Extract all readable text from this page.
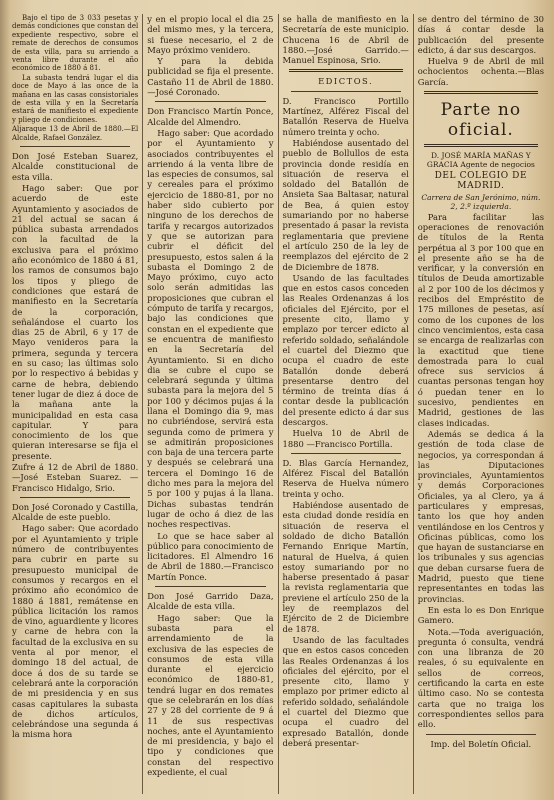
Bajo el tipo de 3 033 pesetas y demás condiciones que constan del expediente respectivo, sobre el remate de derechos de consumos de esta villa, para su arriendo a venta libre durante el año económico de 1880 á 81.

La subasta tendrá lugar el dia doce de Mayo á las once de la mañana en las casas consistoriales de esta villa y en la Secretaría estará de manifiesto el expediente y pliego de condiciones.

Aljaraque 13 de Abril de 1880.—El Alcalde, Rafael González.

Don José Esteban Suarez, Alcalde constitucional de esta villa.

Hago saber: Que por acuerdo de este Ayuntamiento y asociados de 21 del actual se sacan á pública subasta arrendados con la facultad de la exclusiva para el próximo año económico de 1880 á 81, los ramos de consumos bajo los tipos y pliego de condiciones que estará de manifiesto en la Secretaría de la corporación, señalándose el cuarto los dias 25 de Abril, 6 y 17 de Mayo venideros para la primera, segunda y tercera en su caso; las últimas solo por lo respectivo á bebidas y carne de hebra, debiendo tener lugar de diez á doce de la mañana ante la municipalidad en esta casa capitular. Y para conocimiento de los que quieran interesarse se fija el presente.

Zufre á 12 de Abril de 1880.—José Esteban Suarez. —Francisco Hidalgo, Srio.

Don José Coronado y Castilla, Alcalde de este pueblo.

Hago saber: Que acordado por el Ayuntamiento y triple número de contribuyentes para cubrir en parte su presupuesto municipal de consumos y recargos en el próximo año económico de 1880 á 1881, remátense en pública licitación los ramos de vino, aguardiente y licores y carne de hebra con la facultad de la exclusiva en su venta al por menor, el domingo 18 del actual, de doce á dos de su tarde se celebrará ante la corporación de mi presidencia y en sus casas capitulares la subasta de dichos artículos, celebrándose una segunda á la misma hora

y en el propio local el dia 25 del mismo mes, y la tercera, si fuese necesario, el 2 de Mayo próximo venidero.

Y para la debida publicidad se fija el presente. Castaño 11 de Abril de 1880.—José Coronado.

Don Francisco Martín Ponce, Alcalde del Almendro.

Hago saber: Que acordado por el Ayuntamiento y asociados contribuyentes el arriendo á la venta libre de las especies de consumos, sal y cereales para el próximo ejercicio de 1880-81, por no haber sido cubierto por ninguno de los derechos de tarifa y recargos autorizados y que se autorizan para cubrir el déficit del presupuesto, estos salen á la subasta el Domingo 2 de Mayo próximo, cuyo acto solo serán admitidas las proposiciones que cubran el cómputo de tarifa y recargos, bajo las condiciones que constan en el expediente que se encuentra de manifiesto en la Secretaría del Ayuntamiento. Si en dicho dia se cubre el cupo se celebrará segunda y última subasta para la mejora del 5 por 100 y décimos pujas á la llana el Domingo dia 9, mas no cubriéndose, servirá esta segunda como de primera y se admitirán proposiciones con baja de una tercera parte y después se celebrará una tercera el Domingo 16 de dicho mes para la mejora del 5 por 100 y pujas á la llana. Dichas subastas tendrán lugar de ocho á diez de las noches respectivas.

Lo que se hace saber al público para conocimiento de licitadores. El Almendro 16 de Abril de 1880.—Francisco Martín Ponce.

Don José Garrido Daza, Alcalde de esta villa.

Hago saber: Que la subasta para el arrendamiento de la exclusiva de las especies de consumos de esta villa durante el ejercicio económico de 1880-81, tendrá lugar en dos remates que se celebrarán en los días 27 y 28 del corriente de 9 á 11 de sus respectivas noches, ante el Ayuntamiento de mi presidencia, y bajo el tipo y condiciones que constan del respectivo expediente, el cual

se halla de manifiesto en la Secretaría de este municipio. Chucena 16 de Abril de 1880.—José Garrido.—Manuel Espinosa, Srio.

EDICTOS.

D. Francisco Portillo Martínez, Alférez Fiscal del Batallón Reserva de Huelva número treinta y ocho.

Habiéndose ausentado del pueblo de Bollullos de esta provincia donde residía en situación de reserva el soldado del Batallón de Ansieta Saa Baltasar, natural de Bea, á quien estoy sumariando por no haberse presentado á pasar la revista reglamentaria que previene el artículo 250 de la ley de reemplazos del ejército de 2 de Diciembre de 1878.

Usando de las facultades que en estos casos conceden las Reales Ordenanzas á los oficiales del Ejército, por el presente cito, llamo y emplazo por tercer edicto al referido soldado, señalándole el cuartel del Diezmo que ocupa el cuadro de este Batallón donde deberá presentarse dentro del término de treinta días á contar desde la publicación del presente edicto á dar sus descargos.

Huelva 10 de Abril de 1880 —Francisco Portilla.

D. Blas García Hernandez, Alférez Fiscal del Batallón Reserva de Huelva número treinta y ocho.

Habiéndose ausentado de esta ciudad donde residía en situación de reserva el soldado de dicho Batallón Fernando Enrique Martín, natural de Huelva, á quien estoy sumariando por no haberse presentado á pasar la revista reglamentaria que previene el artículo 250 de la ley de reemplazos del Ejército de 2 de Diciembre de 1878.

Usando de las facultades que en estos casos conceden las Reales Ordenanzas á los oficiales del ejército, por el presente cito, llamo y emplazo por primer edicto al referido soldado, señalándole el cuartel del Diezmo que ocupa el cuadro del expresado Batallón, donde deberá presentar-

se dentro del término de 30 días á contar desde la publicación del presente edicto, á dar sus descargos.

Huelva 9 de Abril de mil ochocientos ochenta.—Blas García.

Parte no oficial.

D. JOSÉ MARÍA MAÑAS Y GRACIA Agente de negocios

DEL COLEGIO DE MADRID.

Carrera de San Jerónimo, núm. 2, 2.º izquierda.

Para facilitar las operaciones de renovación de títulos de la Renta perpétua al 3 por 100 que en el presente año se ha de verificar, y la conversión en títulos de Deuda amortizable al 2 por 100 de los décimos y recibos del Empréstito de 175 millones de pesetas, así como de los cupones de los cinco vencimientos, esta casa se encarga de realizarlas con la exactitud que tiene demostrada para lo cual ofrece sus servicios á cuantas personas tengan hoy ó puedan tener en lo sucesivo, pendientes en Madrid, gestiones de las clases indicadas.

Además se dedica á la gestión de toda clase de negocios, ya correspondan á las Diputaciones provinciales, Ayuntamientos y demás Corporaciones Oficiales, ya al Clero, ya á particulares y empresas, tanto los que hoy anden ventilándose en los Centros y Oficinas públicas, como los que hayan de sustanciarse en los tribunales y sus agencias que deban cursarse fuera de Madrid, puesto que tiene representantes en todas las provincias.

En esta lo es Don Enrique Gamero.

Nota.—Toda averiguación, pregunta ó consulta, vendrá con una libranza de 20 reales, ó su equivalente en sellos de correos, certificando la carta en este último caso. No se contesta carta que no traiga los correspondientes sellos para ello.

Imp. del Boletín Oficial.
